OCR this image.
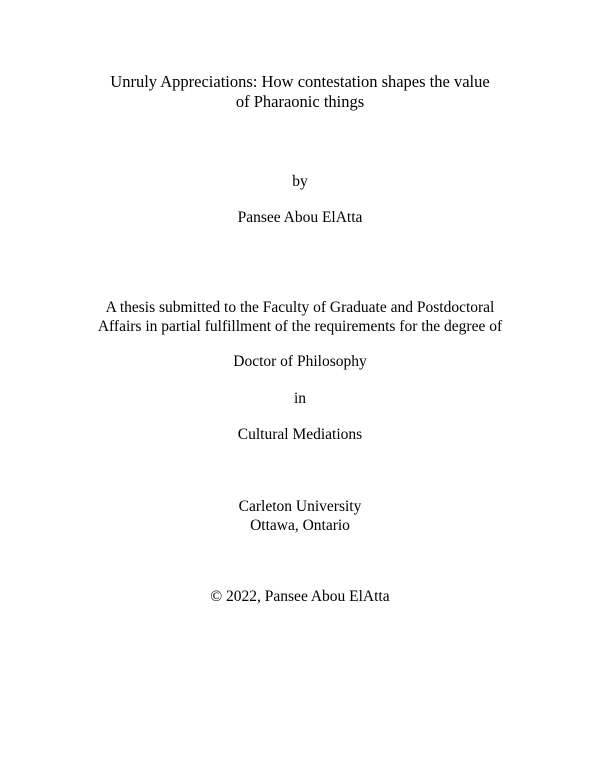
Unruly Appreciations: How contestation shapes the value
of Pharaonic things
by
Pansee Abou ElAtta
A thesis submitted to the Faculty of Graduate and Postdoctoral
Affairs in partial fulfillment of the requirements for the degree of
Doctor of Philosophy
in
Cultural Mediations
Carleton University
Ottawa, Ontario
© 2022, Pansee Abou ElAtta
